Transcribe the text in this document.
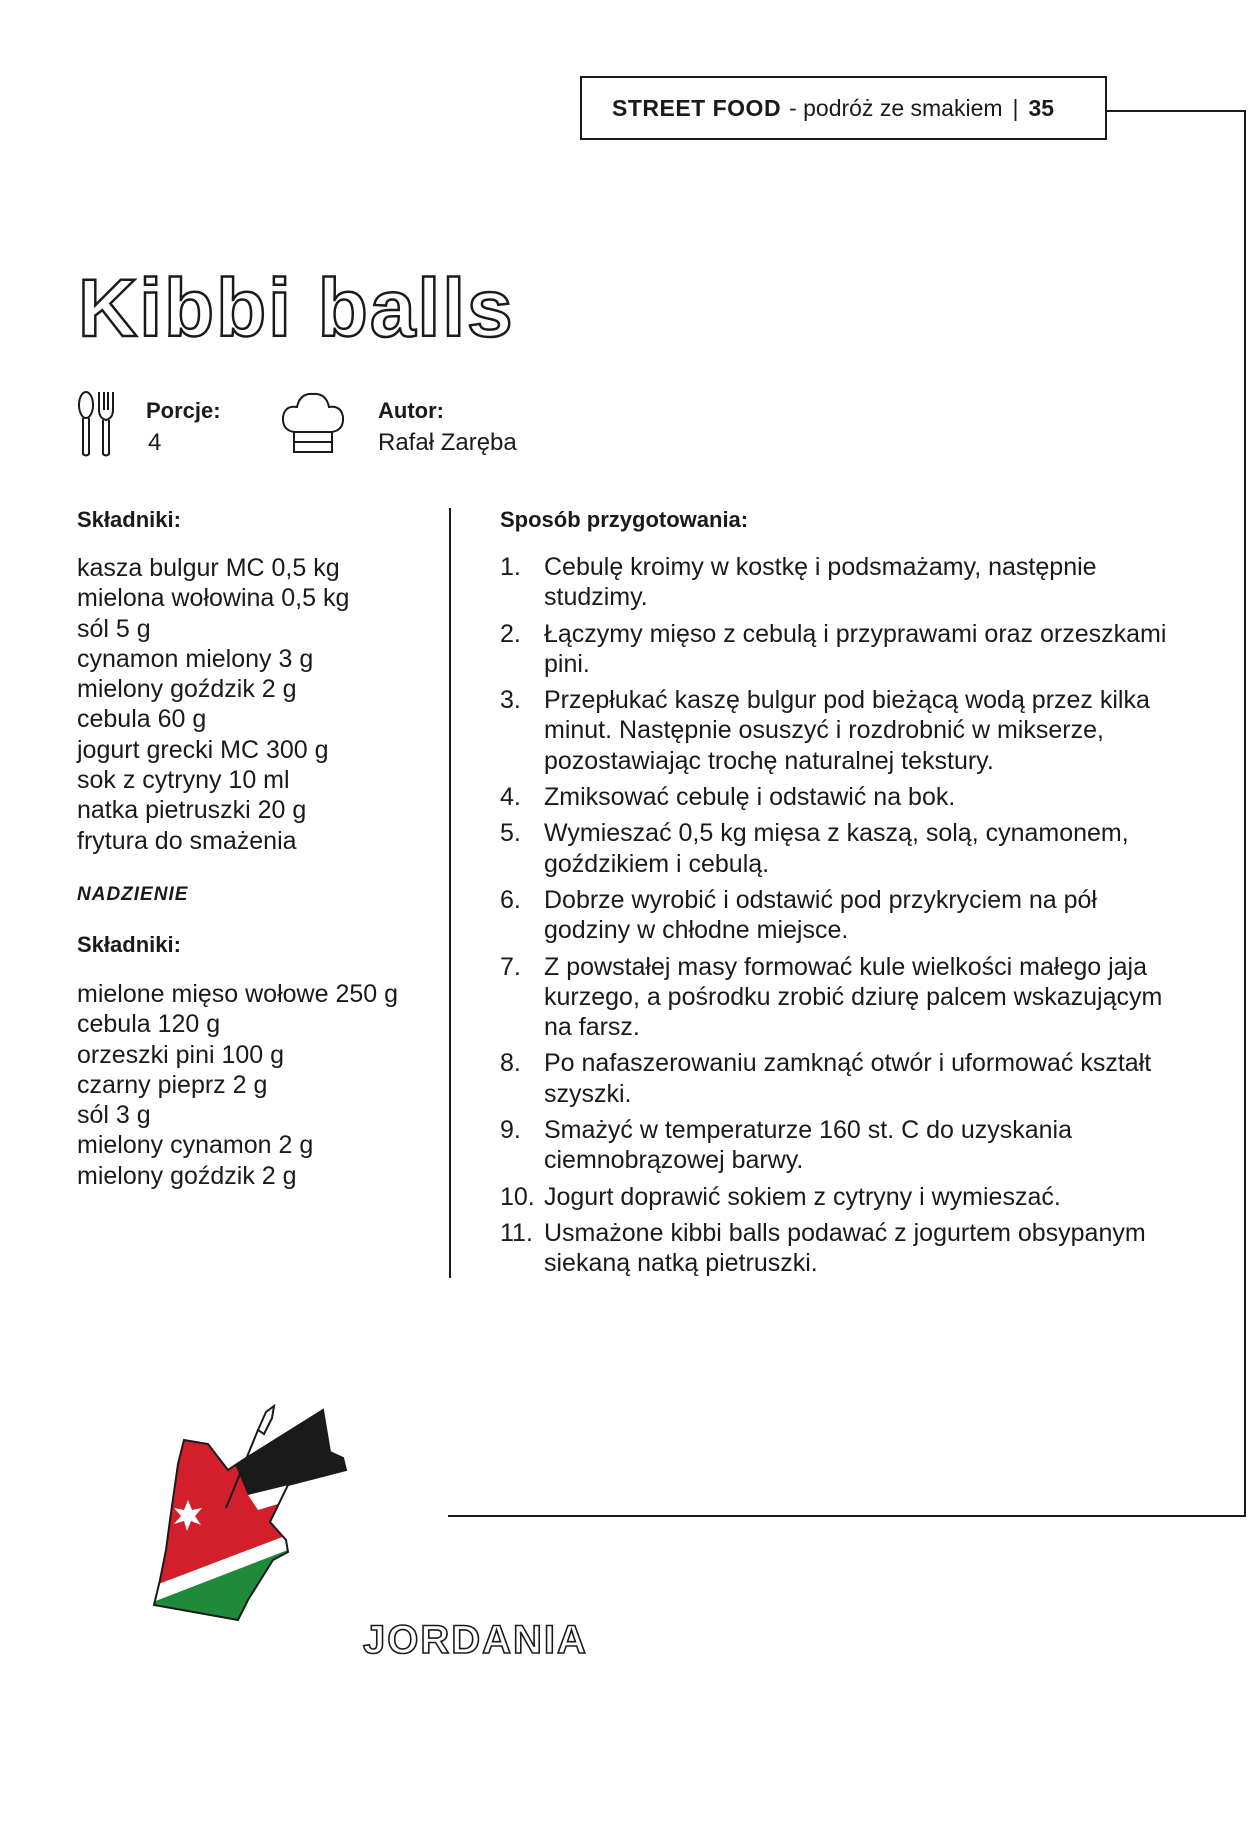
STREET FOOD - podróż ze smakiem | 35
Kibbi balls
Porcje:
4
Autor:
Rafał Zaręba
Składniki:
kasza bulgur MC 0,5 kg
mielona wołowina 0,5 kg
sól 5 g
cynamon mielony 3 g
mielony goździk 2 g
cebula 60 g
jogurt grecki MC 300 g
sok z cytryny 10 ml
natka pietruszki 20 g
frytura do smażenia
NADZIENIE
Składniki:
mielone mięso wołowe 250 g
cebula 120 g
orzeszki pini 100 g
czarny pieprz 2 g
sól 3 g
mielony cynamon 2 g
mielony goździk 2 g
Sposób przygotowania:
1. Cebulę kroimy w kostkę i podsmażamy, następnie studzimy.
2. Łączymy mięso z cebulą i przyprawami oraz orzeszkami pini.
3. Przepłukać kaszę bulgur pod bieżącą wodą przez kilka minut. Następnie osuszyć i rozdrobnić w mikserze, pozostawiając trochę naturalnej tekstury.
4. Zmiksować cebulę i odstawić na bok.
5. Wymieszać 0,5 kg mięsa z kaszą, solą, cynamonem, goździkiem i cebulą.
6. Dobrze wyrobić i odstawić pod przykryciem na pół godziny w chłodne miejsce.
7. Z powstałej masy formować kule wielkości małego jaja kurzego, a pośrodku zrobić dziurę palcem wskazującym na farsz.
8. Po nafaszerowaniu zamknąć otwór i uformować kształt szyszki.
9. Smażyć w temperaturze 160 st. C do uzyskania ciemnobrązowej barwy.
10. Jogurt doprawić sokiem z cytryny i wymieszać.
11. Usmażone kibbi balls podawać z jogurtem obsypanym siekaną natką pietruszki.
JORDANIA
